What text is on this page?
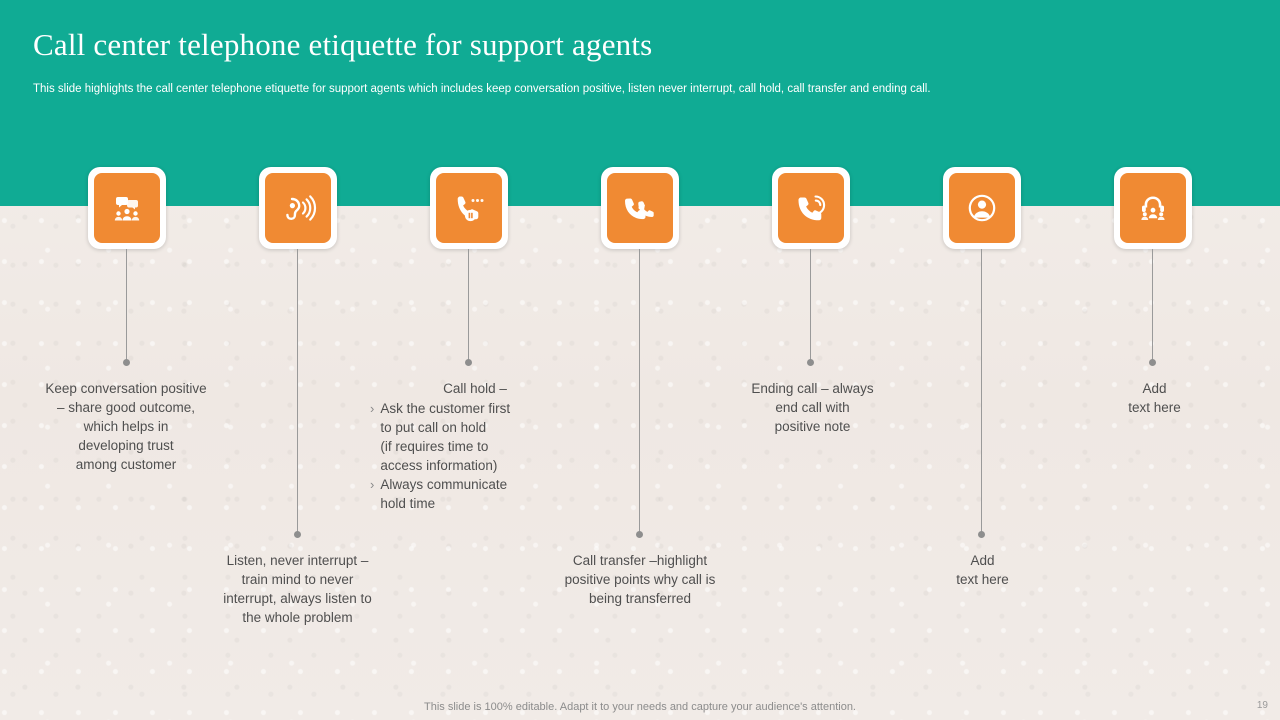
Call center telephone etiquette for support agents
This slide highlights the call center telephone etiquette for support agents which includes keep conversation positive, listen never interrupt, call hold, call transfer and ending call.
Keep conversation positive
– share good outcome,
which helps in
developing trust
among customer
Listen, never interrupt –
train mind to never
interrupt, always listen to
the whole problem
Call hold –
› Ask the customer first
to put call on hold
(if requires time to
access information)
› Always communicate
hold time
Call transfer –highlight
positive points why call is
being transferred
Ending call – always
end call with
positive note
Add
text here
Add
text here
This slide is 100% editable. Adapt it to your needs and capture your audience's attention.	19
